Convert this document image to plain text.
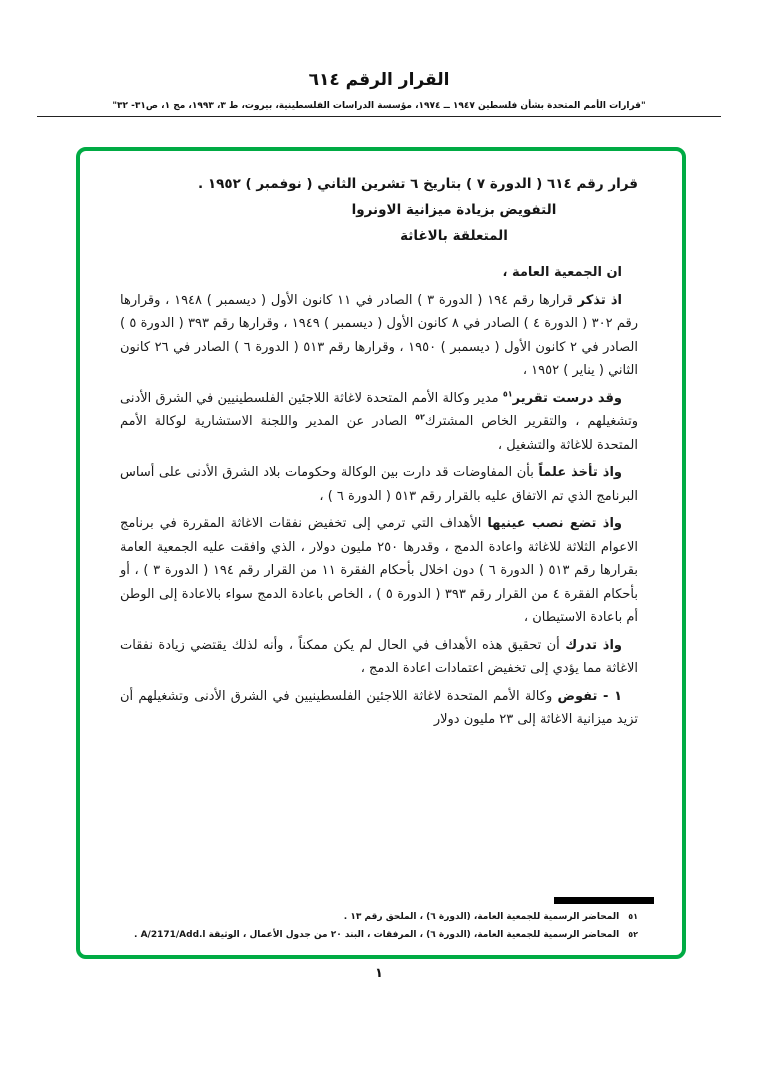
القرار الرقم ٦١٤
"قرارات الأمم المتحدة بشأن فلسطين ١٩٤٧ ــ ١٩٧٤، مؤسسة الدراسات الفلسطينية، بيروت، ط ٣، ١٩٩٣، مج ١، ص٣١- ٣٢"
قرار رقم ٦١٤ ( الدورة ٧ ) بتاريخ ٦ تشرين الثاني ( نوفمبر ) ١٩٥٢ .
التفويض بزيادة ميزانية الاونروا
المتعلقة بالاغاثة

ان الجمعية العامة ،

اذ تذكر قرارها رقم ١٩٤ ( الدورة ٣ ) الصادر في ١١ كانون الأول ( ديسمبر ) ١٩٤٨ ، وقرارها رقم ٣٠٢ ( الدورة ٤ ) الصادر في ٨ كانون الأول ( ديسمبر ) ١٩٤٩ ، وقرارها رقم ٣٩٣ ( الدورة ٥ ) الصادر في ٢ كانون الأول ( ديسمبر ) ١٩٥٠ ، وقرارها رقم ٥١٣ ( الدورة ٦ ) الصادر في ٢٦ كانون الثاني ( يناير ) ١٩٥٢ ،

وقد درست تقرير$^{٥١}$ مدير وكالة الأمم المتحدة لاغاثة اللاجئين الفلسطينيين في الشرق الأدنى وتشغيلهم ، والتقرير الخاص المشترك$^{٥٢}$ الصادر عن المدير واللجنة الاستشارية لوكالة الأمم المتحدة للاغاثة والتشغيل ،

واذ تأخذ علماً بأن المفاوضات قد دارت بين الوكالة وحكومات بلاد الشرق الأدنى على أساس البرنامج الذي تم الاتفاق عليه بالقرار رقم ٥١٣ ( الدورة ٦ ) ،

واذ تضع نصب عينيها الأهداف التي ترمي إلى تخفيض نفقات الاغاثة المقررة في برنامج الاعوام الثلاثة للاغاثة واعادة الدمج ، وقدرها ٢٥٠ مليون دولار ، الذي وافقت عليه الجمعية العامة بقرارها رقم ٥١٣ ( الدورة ٦ ) دون اخلال بأحكام الفقرة ١١ من القرار رقم ١٩٤ ( الدورة ٣ ) ، أو بأحكام الفقرة ٤ من القرار رقم ٣٩٣ ( الدورة ٥ ) ، الخاص باعادة الدمج سواء بالاعادة إلى الوطن أم باعادة الاستيطان ،

واذ تدرك أن تحقيق هذه الأهداف في الحال لم يكن ممكناً ، وأنه لذلك يقتضي زيادة نفقات الاغاثة مما يؤدي إلى تخفيض اعتمادات اعادة الدمج ،

١ - تفوض وكالة الأمم المتحدة لاغاثة اللاجئين الفلسطينيين في الشرق الأدنى وتشغيلهم أن تزيد ميزانية الاغاثة إلى ٢٣ مليون دولار

٥١المحاضر الرسمية للجمعية العامة، (الدورة ٦) ، الملحق رقم ١٣ .
٥٢المحاضر الرسمية للجمعية العامة، (الدورة ٦) ، المرفقات ، البند ٢٠ من جدول الأعمال ، الوثيقة A/2171/Add.l .
١
